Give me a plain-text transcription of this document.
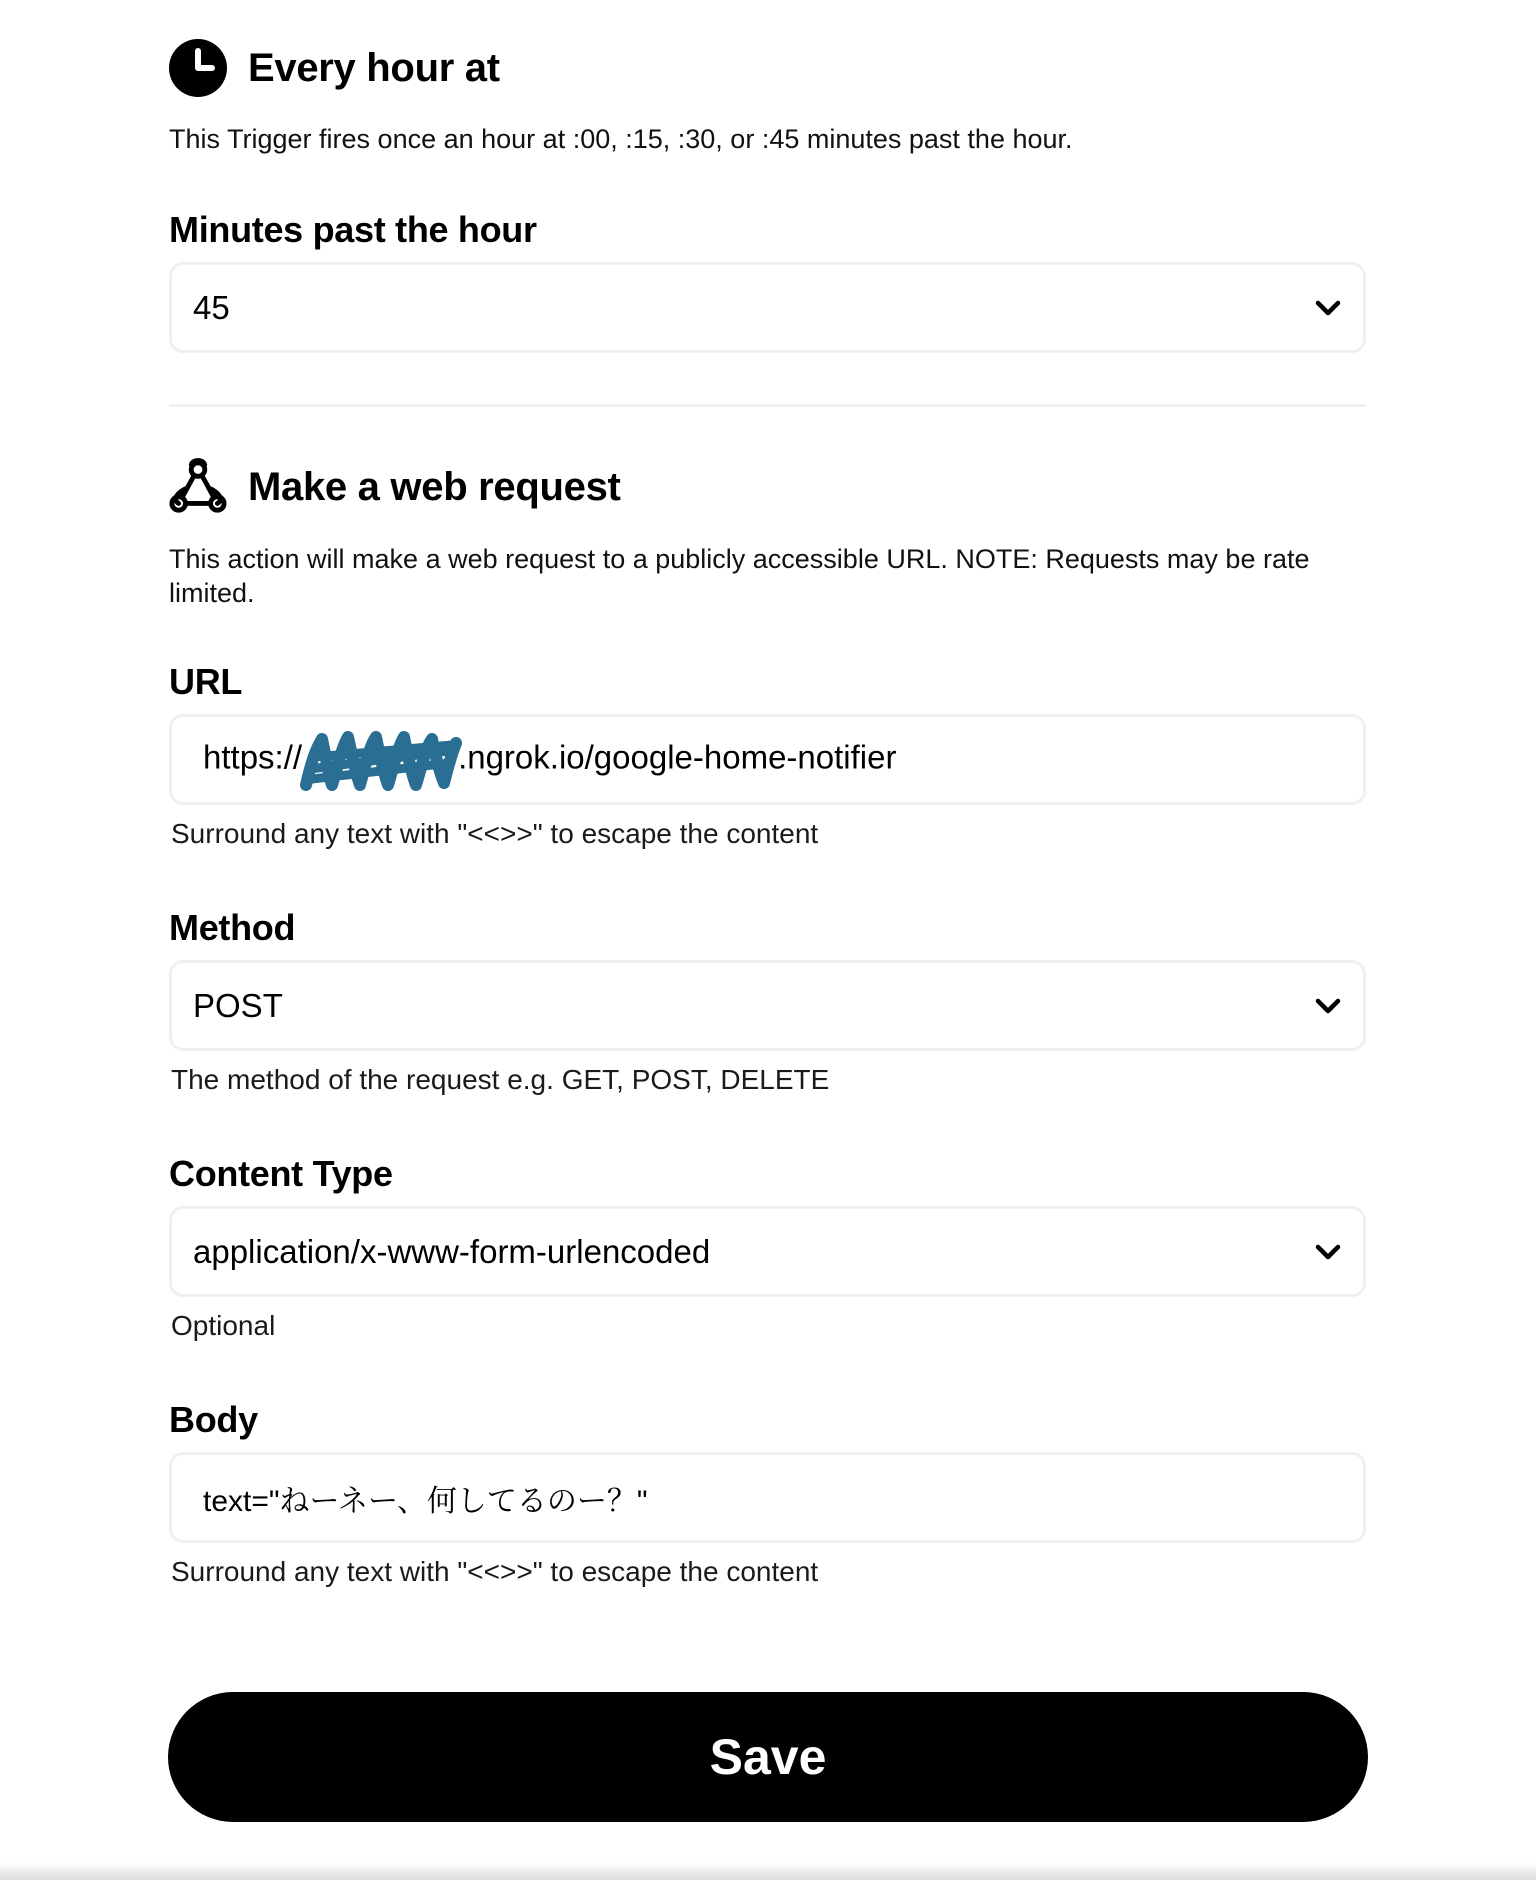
Every hour at
This Trigger fires once an hour at :00, :15, :30, or :45 minutes past the hour.
Minutes past the hour
45
Make a web request
This action will make a web request to a publicly accessible URL. NOTE: Requests may be rate
limited.
URL
https://	.ngrok.io/google-home-notifier
Surround any text with "<<>>" to escape the content
Method
POST
The method of the request e.g. GET, POST, DELETE
Content Type
application/x-www-form-urlencoded
Optional
Body
text="ねーネー、何してるのー？"
Surround any text with "<<>>" to escape the content
Save
